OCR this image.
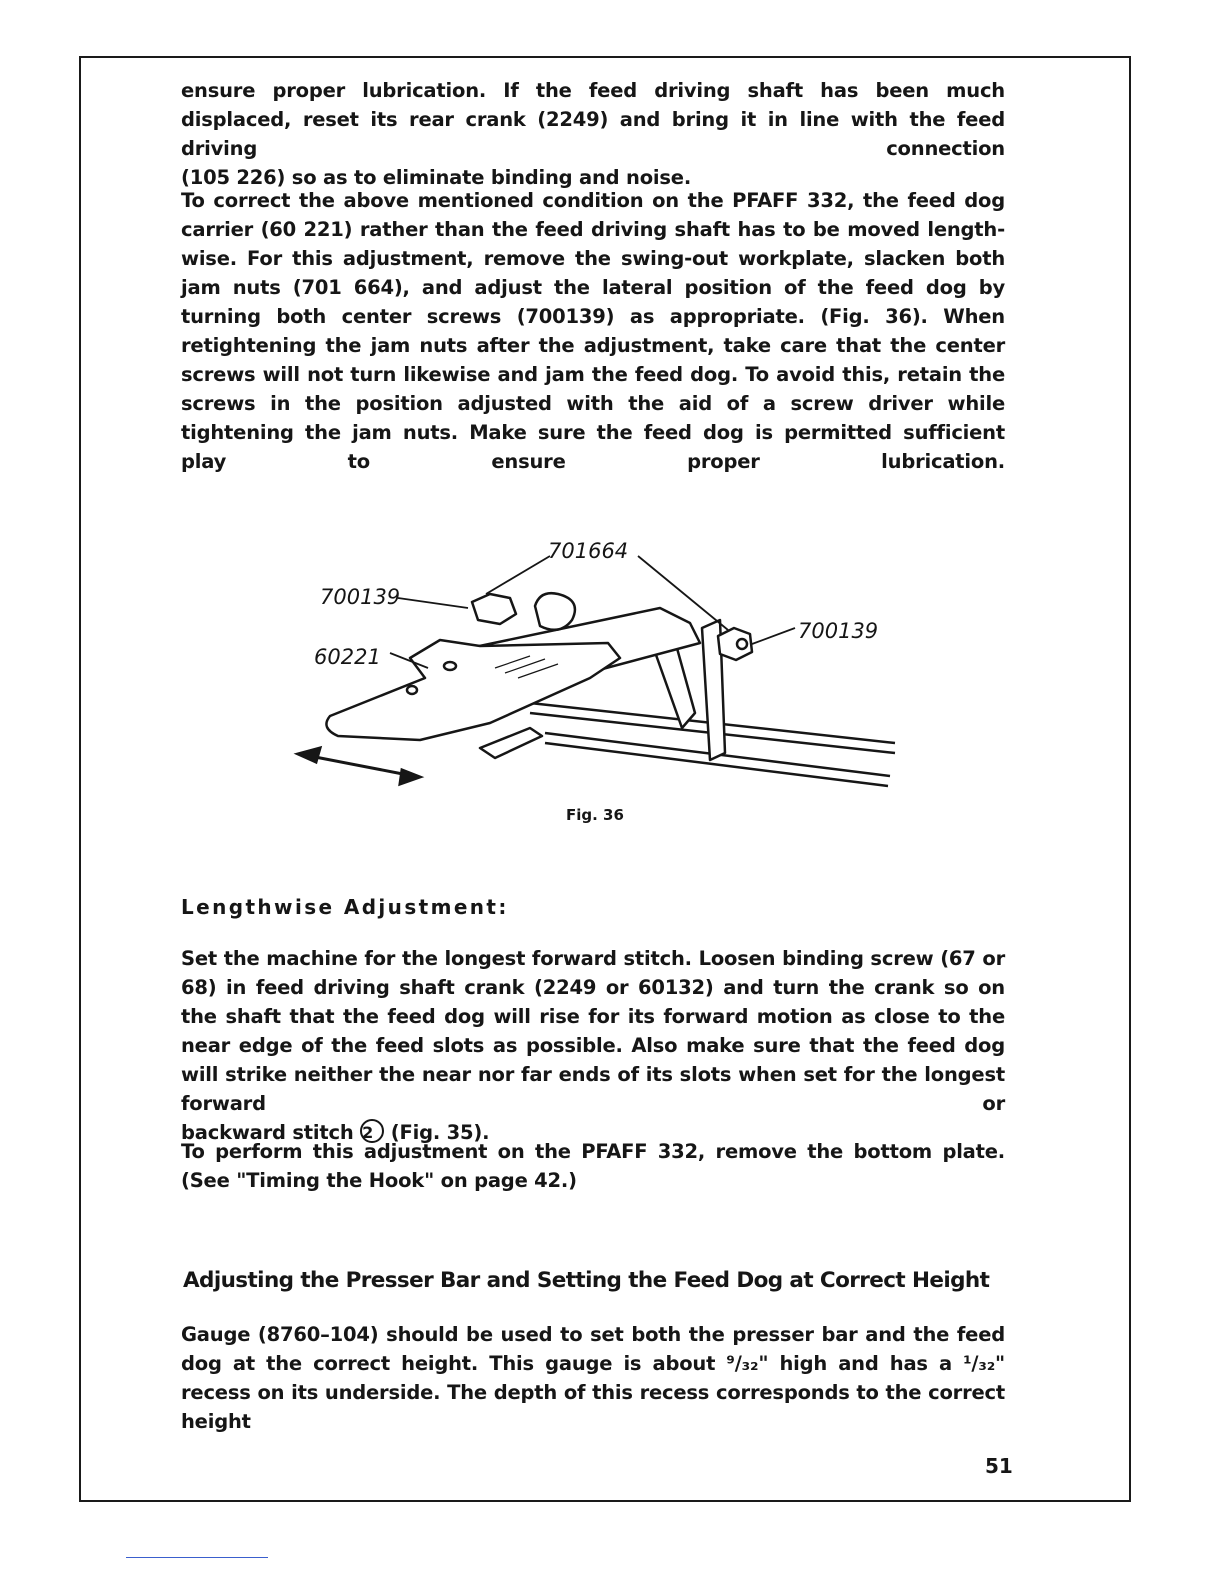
ensure proper lubrication. If the feed driving shaft has been much displaced, reset its rear crank (2249) and bring it in line with the feed driving connection
(105 226) so as to eliminate binding and noise.

To correct the above mentioned condition on the PFAFF 332, the feed dog carrier (60 221) rather than the feed driving shaft has to be moved length- wise. For this adjustment, remove the swing-out workplate, slacken both jam nuts (701 664), and adjust the lateral position of the feed dog by turning both center screws (700139) as appropriate. (Fig. 36). When retightening the jam nuts after the adjustment, take care that the center screws will not turn likewise and jam the feed dog. To avoid this, retain the screws in the position adjusted with the aid of a screw driver while tightening the jam nuts. Make sure the feed dog is permitted sufficient play to ensure proper lubrication.

701664
700139
700139
60221
Fig. 36
Lengthwise Adjustment:

Set the machine for the longest forward stitch. Loosen binding screw (67 or 68) in feed driving shaft crank (2249 or 60132) and turn the crank so on the shaft that the feed dog will rise for its forward motion as close to the near edge of the feed slots as possible. Also make sure that the feed dog will strike neither the near nor far ends of its slots when set for the longest forward or
backward stitch 2 (Fig. 35).

To perform this adjustment on the PFAFF 332, remove the bottom plate.
(See "Timing the Hook" on page 42.)

Adjusting the Presser Bar and Setting the Feed Dog at Correct Height

Gauge (8760–104) should be used to set both the presser bar and the feed dog at the correct height. This gauge is about ⁹/₃₂" high and has a ¹/₃₂" recess on its underside. The depth of this recess corresponds to the correct height

51
